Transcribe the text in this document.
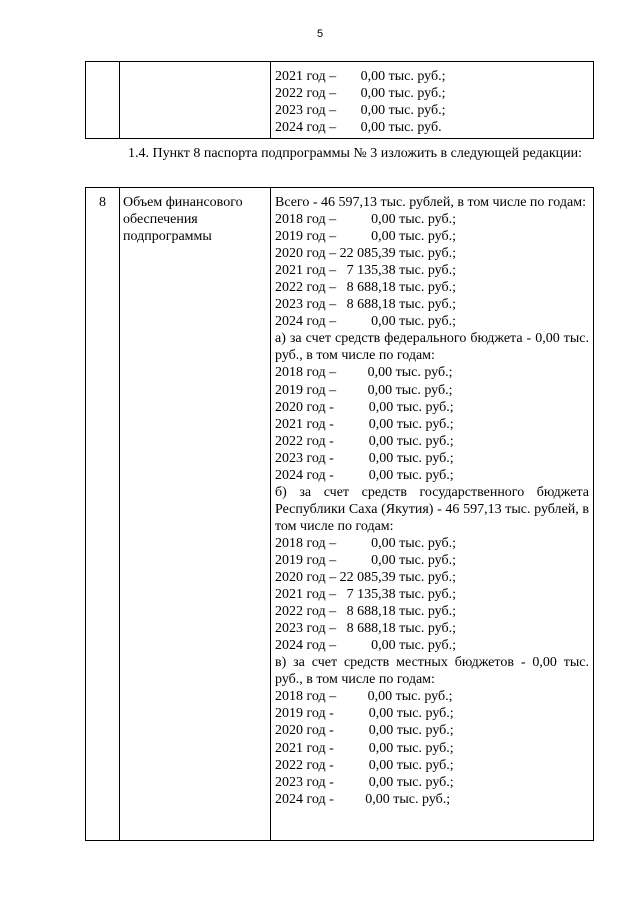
5

2021 год –       0,00 тыс. руб.;
2022 год –       0,00 тыс. руб.;
2023 год –       0,00 тыс. руб.;
2024 год –       0,00 тыс. руб.
1.4. Пункт 8 паспорта подпрограммы № 3 изложить в следующей редакции:
8	Объем финансового обеспечения подпрограммы

Всего - 46 597,13 тыс. рублей, в том числе по годам:
2018 год –          0,00 тыс. руб.;
2019 год –          0,00 тыс. руб.;
2020 год – 22 085,39 тыс. руб.;
2021 год –   7 135,38 тыс. руб.;
2022 год –   8 688,18 тыс. руб.;
2023 год –   8 688,18 тыс. руб.;
2024 год –          0,00 тыс. руб.;
а) за счет средств федерального бюджета - 0,00 тыс. руб., в том числе по годам:
2018 год –         0,00 тыс. руб.;
2019 год –         0,00 тыс. руб.;
2020 год -          0,00 тыс. руб.;
2021 год -          0,00 тыс. руб.;
2022 год -          0,00 тыс. руб.;
2023 год -          0,00 тыс. руб.;
2024 год -          0,00 тыс. руб.;
б) за счет средств государственного бюджета Республики Саха (Якутия) - 46 597,13 тыс. рублей, в том числе по годам:
2018 год –          0,00 тыс. руб.;
2019 год –          0,00 тыс. руб.;
2020 год – 22 085,39 тыс. руб.;
2021 год –   7 135,38 тыс. руб.;
2022 год –   8 688,18 тыс. руб.;
2023 год –   8 688,18 тыс. руб.;
2024 год –          0,00 тыс. руб.;
в) за счет средств местных бюджетов - 0,00 тыс. руб., в том числе по годам:
2018 год –         0,00 тыс. руб.;
2019 год -          0,00 тыс. руб.;
2020 год -          0,00 тыс. руб.;
2021 год -          0,00 тыс. руб.;
2022 год -          0,00 тыс. руб.;
2023 год -          0,00 тыс. руб.;
2024 год -         0,00 тыс. руб.;
